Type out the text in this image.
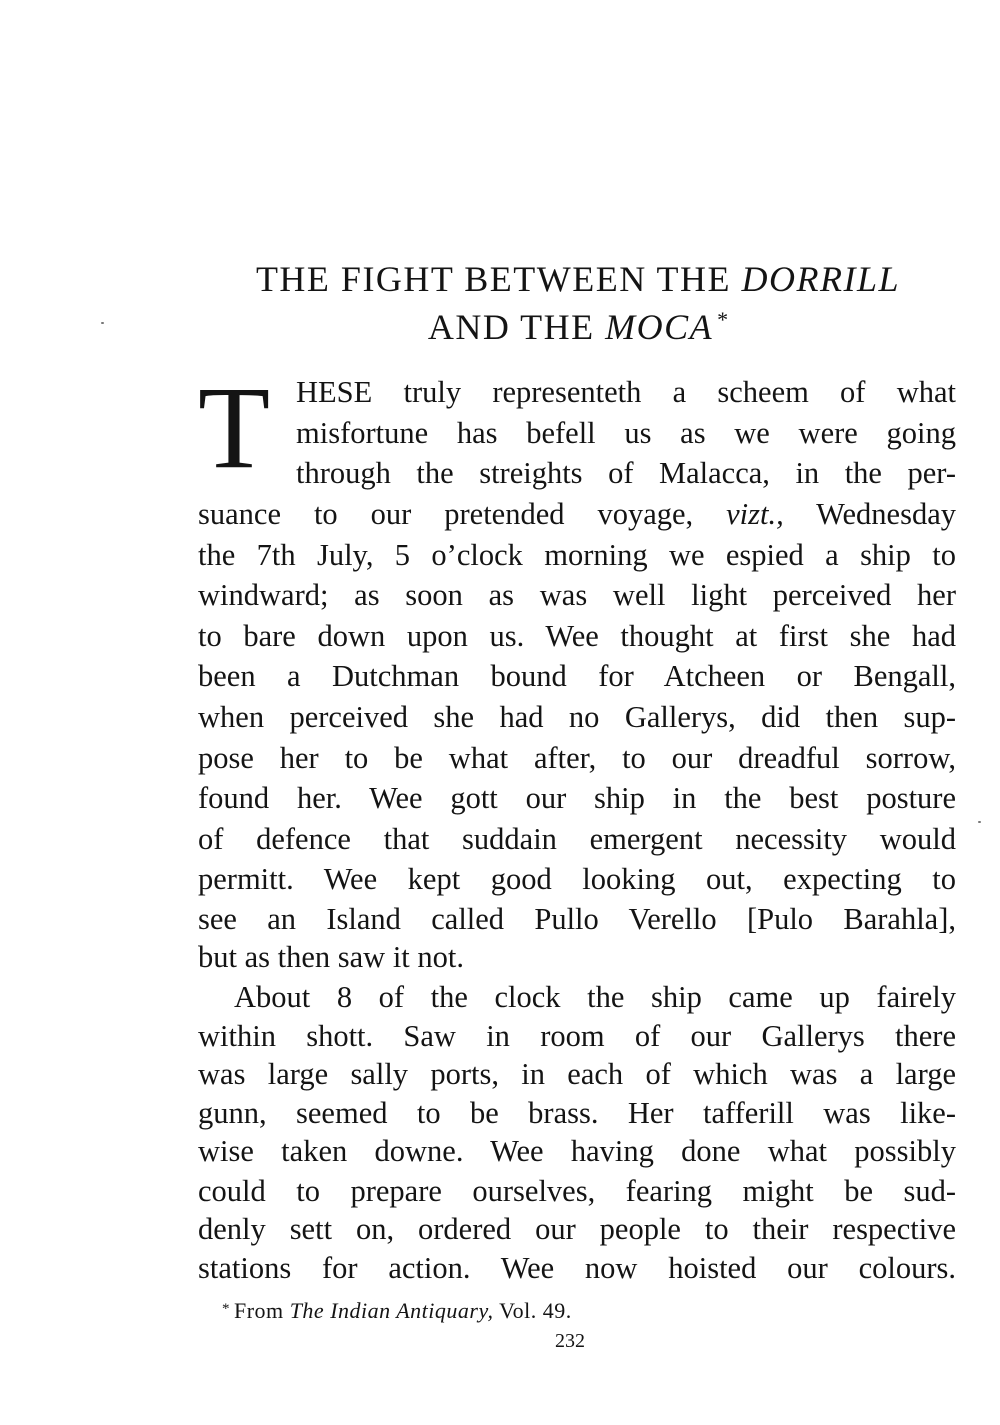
THE FIGHT BETWEEN THE DORRILL
AND THE MOCA *
T HESE truly representeth a scheem of what

misfortune has befell us as we were going

through the streights of Malacca, in the per-

suance to our pretended voyage, vizt., Wednesday

the 7th July, 5 o’clock morning we espied a ship to

windward; as soon as was well light perceived her

to bare down upon us. Wee thought at first she had

been a Dutchman bound for Atcheen or Bengall,

when perceived she had no Gallerys, did then sup-

pose her to be what after, to our dreadful sorrow,

found her. Wee gott our ship in the best posture

of defence that suddain emergent necessity would

permitt. Wee kept good looking out, expecting to

see an Island called Pullo Verello [Pulo Barahla],

but as then saw it not.

About 8 of the clock the ship came up fairely

within shott. Saw in room of our Gallerys there

was large sally ports, in each of which was a large

gunn, seemed to be brass. Her tafferill was like-

wise taken downe. Wee having done what possibly

could to prepare ourselves, fearing might be sud-

denly sett on, ordered our people to their respective

stations for action. Wee now hoisted our colours.

* From The Indian Antiquary, Vol. 49.
232
